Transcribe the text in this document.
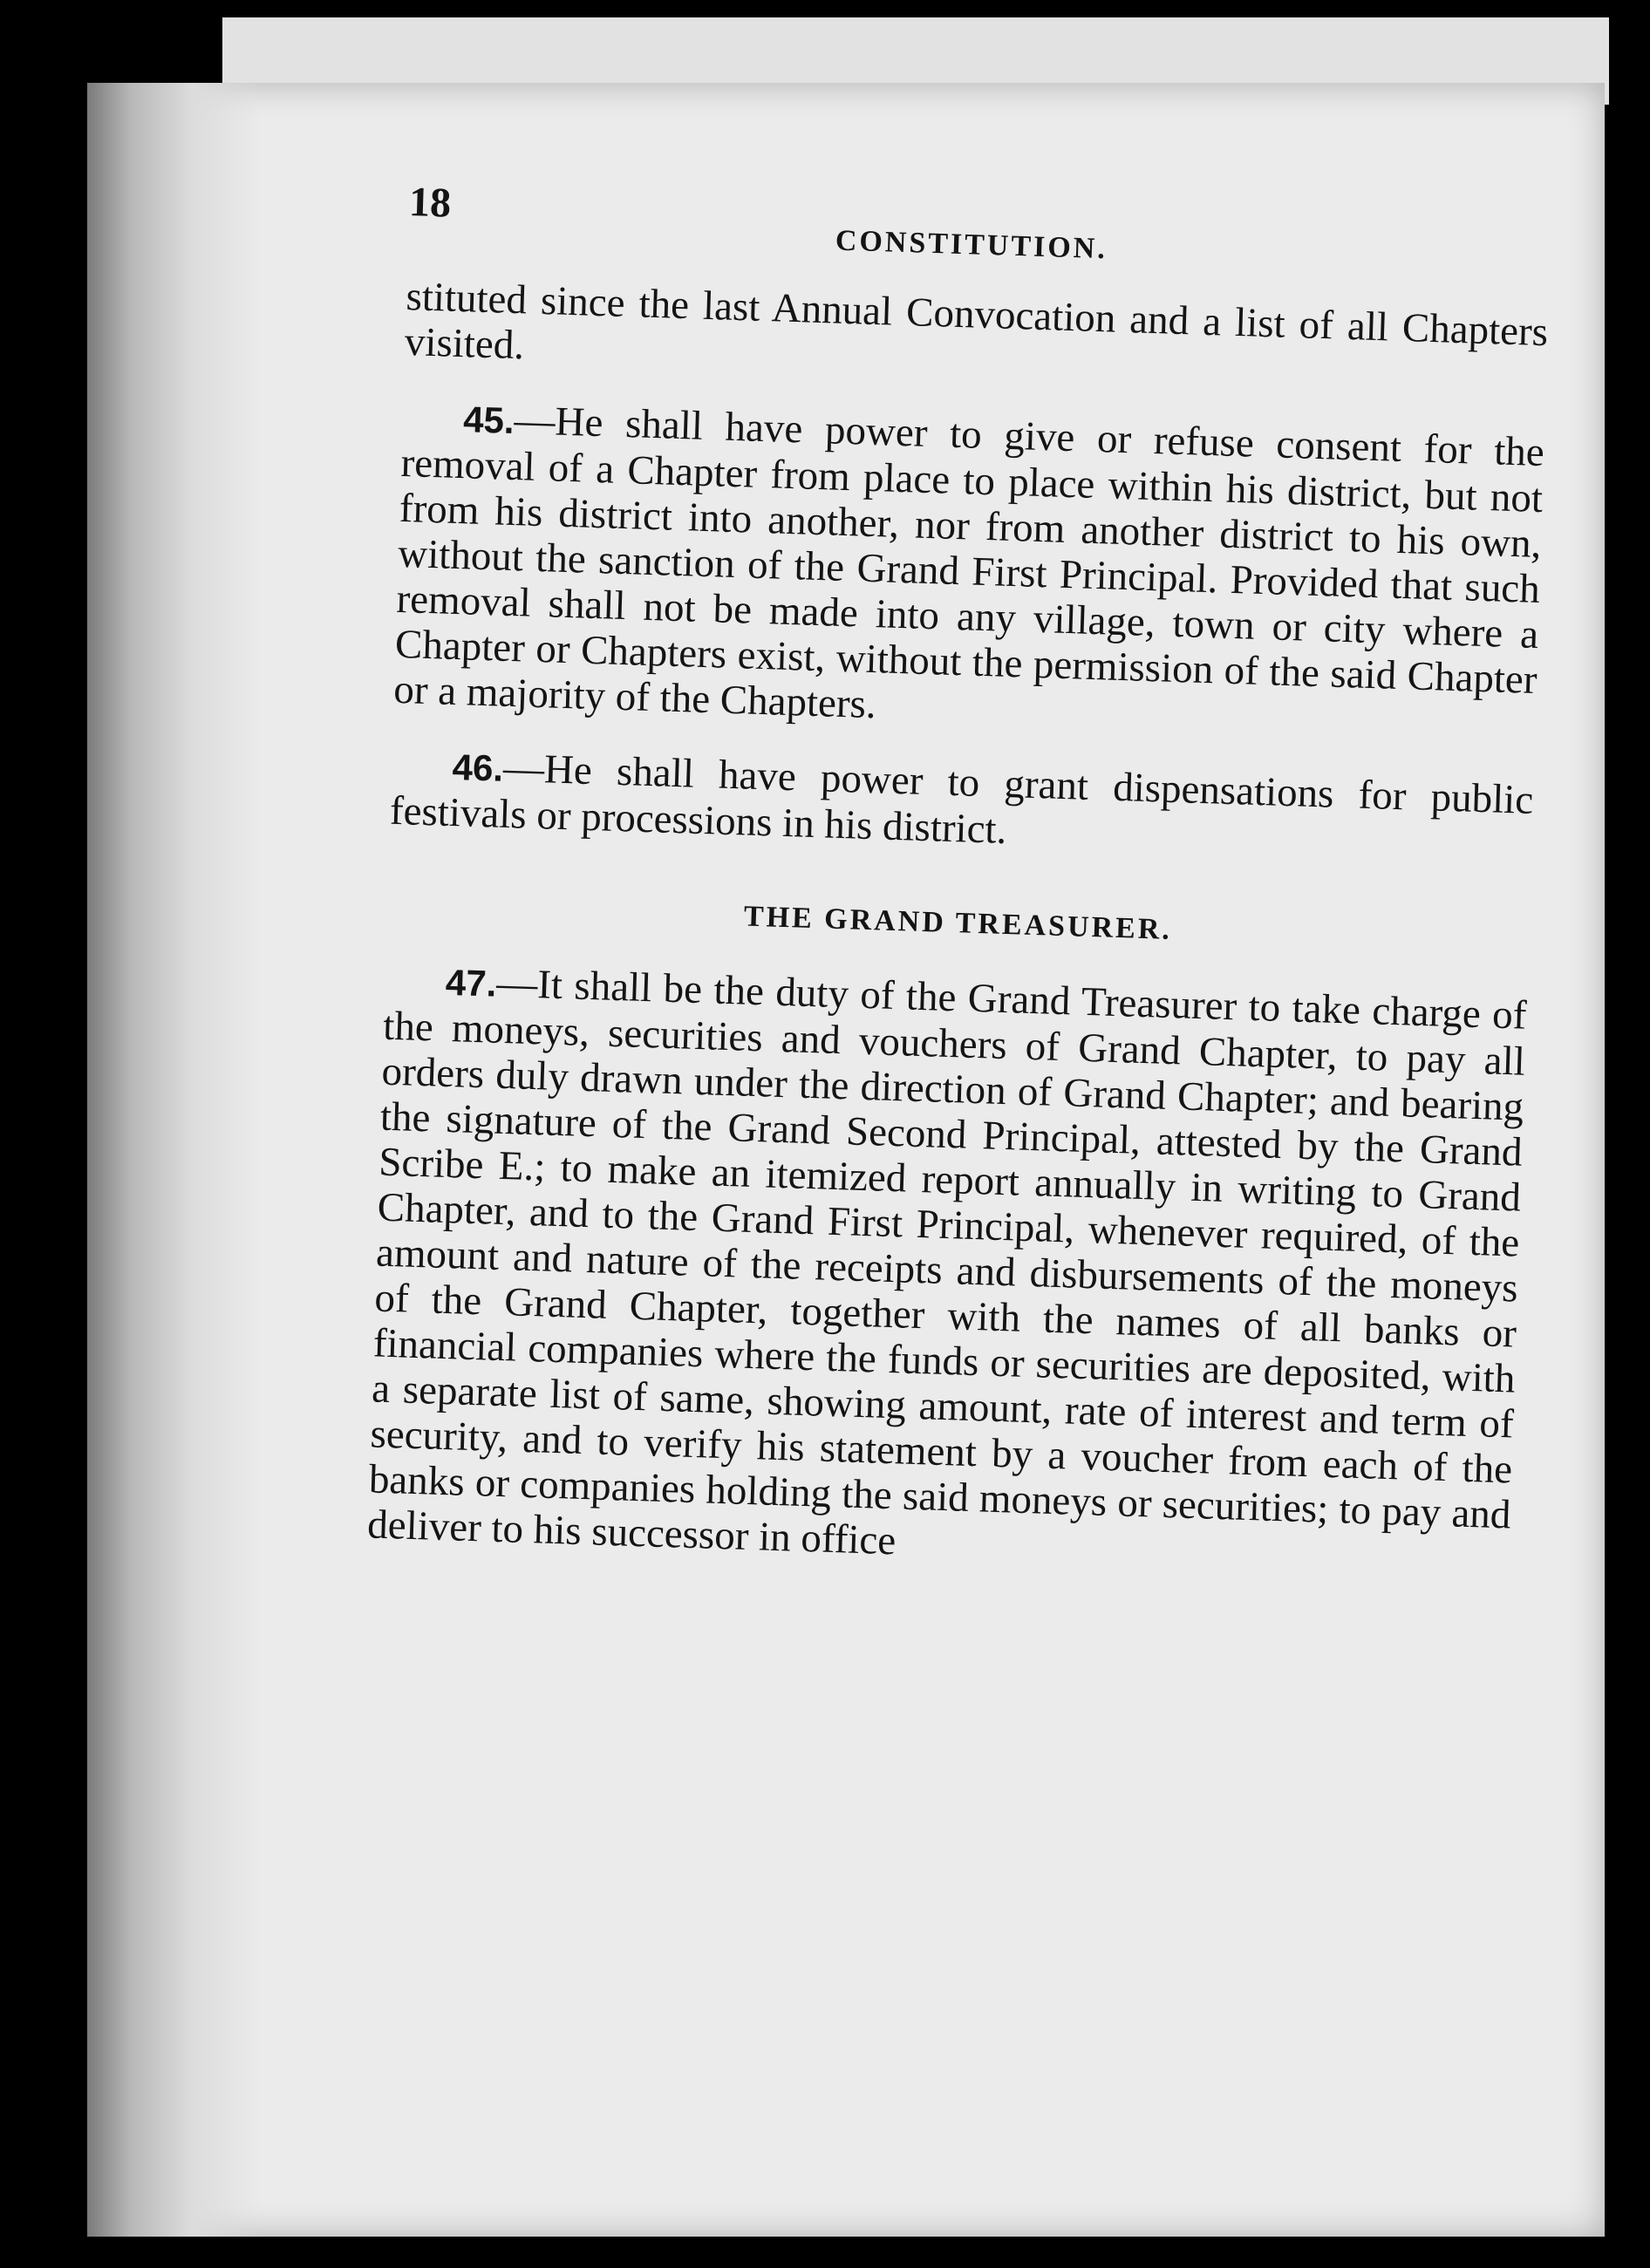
18
CONSTITUTION.

stituted since the last Annual Convocation and a list of all Chapters visited.

45.—He shall have power to give or refuse consent for the removal of a Chapter from place to place within his district, but not from his district into another, nor from another district to his own, without the sanction of the Grand First Principal. Provided that such removal shall not be made into any village, town or city where a Chapter or Chapters exist, without the permission of the said Chapter or a majority of the Chapters.

46.—He shall have power to grant dispensations for public festivals or processions in his district.

THE GRAND TREASURER.

47.—It shall be the duty of the Grand Treasurer to take charge of the moneys, securities and vouchers of Grand Chapter, to pay all orders duly drawn under the direction of Grand Chapter; and bearing the signature of the Grand Second Principal, attested by the Grand Scribe E.; to make an itemized report annually in writing to Grand Chapter, and to the Grand First Principal, whenever required, of the amount and nature of the receipts and disbursements of the moneys of the Grand Chapter, together with the names of all banks or financial companies where the funds or securities are deposited, with a separate list of same, showing amount, rate of interest and term of security, and to verify his statement by a voucher from each of the banks or companies holding the said moneys or securities; to pay and deliver to his successor in office
